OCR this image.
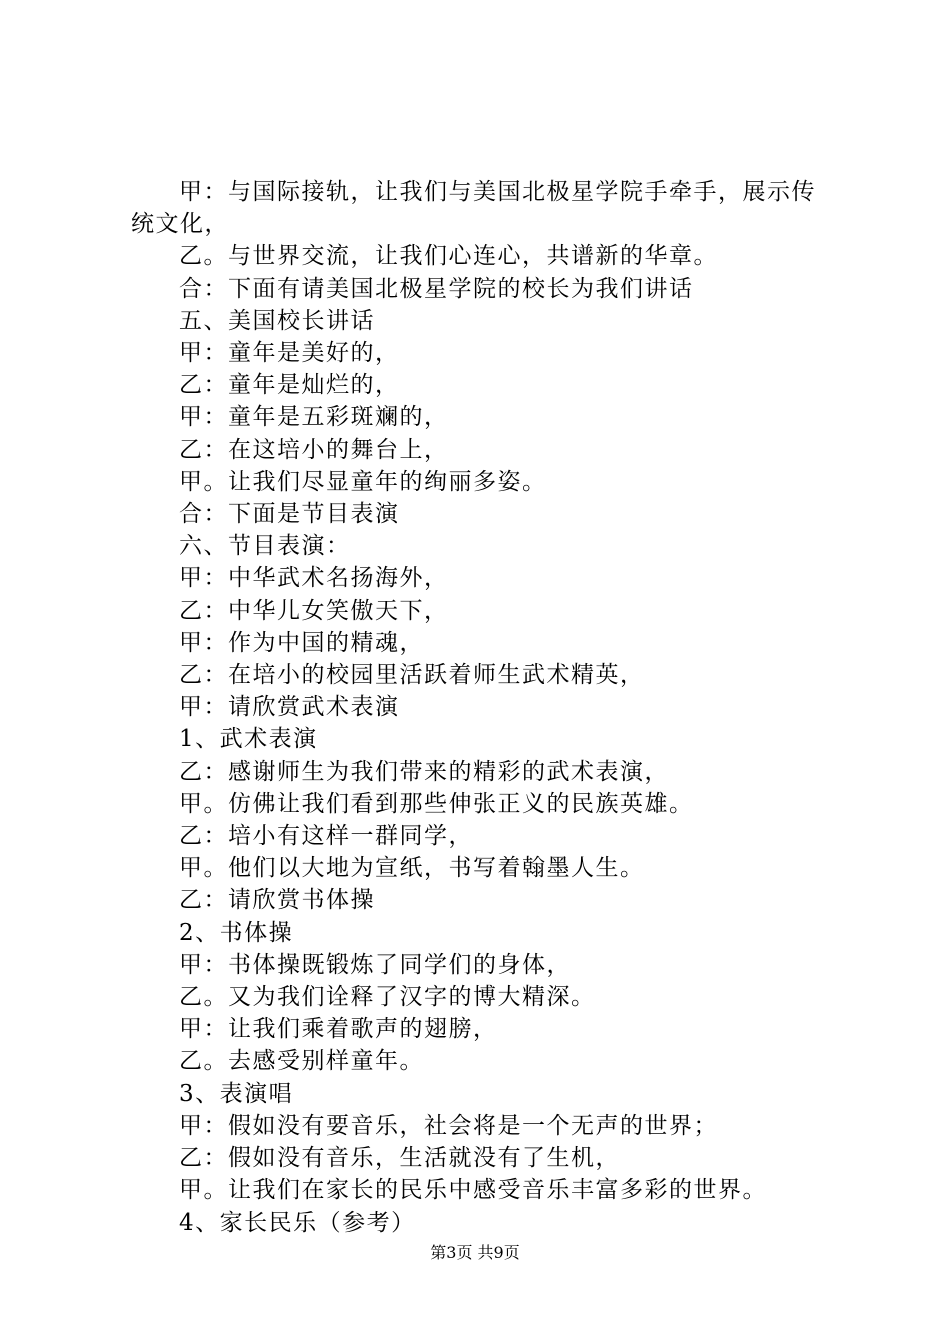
甲：与国际接轨，让我们与美国北极星学院手牵手，展示传统文化，

乙。与世界交流，让我们心连心，共谱新的华章。

合：下面有请美国北极星学院的校长为我们讲话

五、美国校长讲话

甲：童年是美好的，

乙：童年是灿烂的，

甲：童年是五彩斑斓的，

乙：在这培小的舞台上，

甲。让我们尽显童年的绚丽多姿。

合：下面是节目表演

六、节目表演：

甲：中华武术名扬海外，

乙：中华儿女笑傲天下，

甲：作为中国的精魂，

乙：在培小的校园里活跃着师生武术精英，

甲：请欣赏武术表演

1、武术表演

乙：感谢师生为我们带来的精彩的武术表演，

甲。仿佛让我们看到那些伸张正义的民族英雄。

乙：培小有这样一群同学，

甲。他们以大地为宣纸，书写着翰墨人生。

乙：请欣赏书体操

2、书体操

甲：书体操既锻炼了同学们的身体，

乙。又为我们诠释了汉字的博大精深。

甲：让我们乘着歌声的翅膀，

乙。去感受别样童年。

3、表演唱

甲：假如没有要音乐，社会将是一个无声的世界；

乙：假如没有音乐，生活就没有了生机，

甲。让我们在家长的民乐中感受音乐丰富多彩的世界。

4、家长民乐（参考）

第3页 共9页
